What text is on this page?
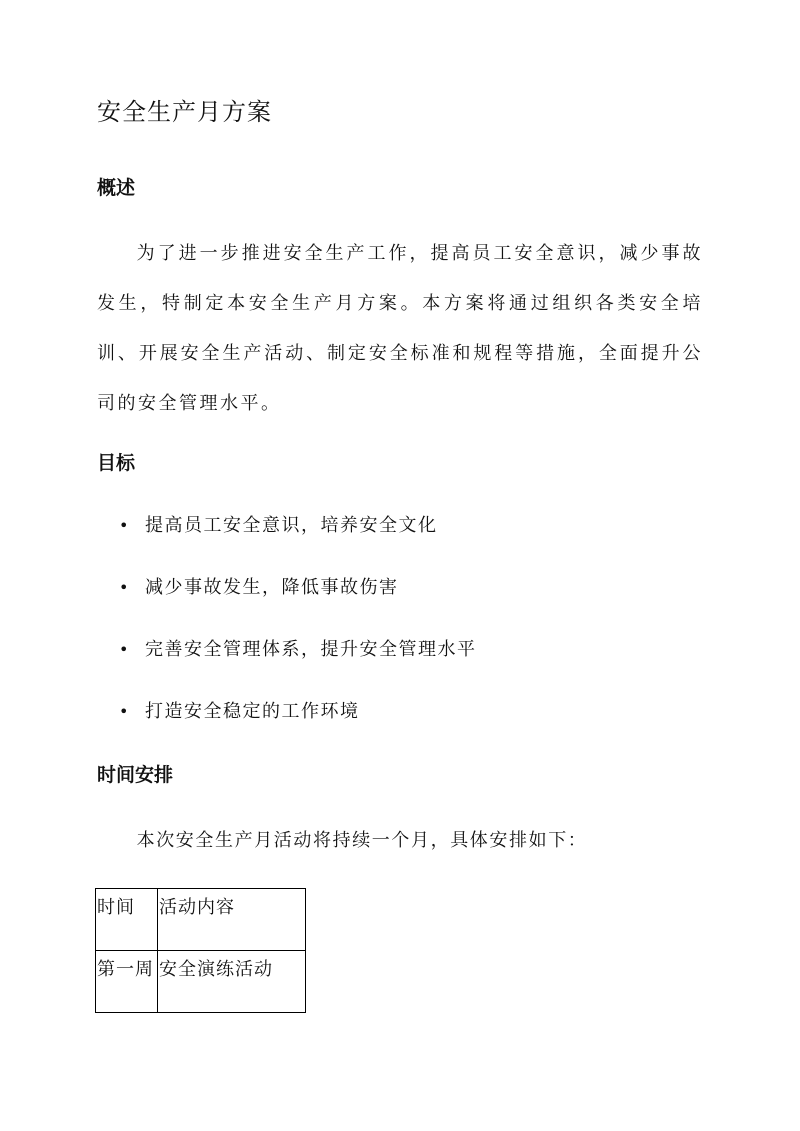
安全生产月方案
概述

为了进一步推进安全生产工作，提高员工安全意识，减少事故发生，特制定本安全生产月方案。本方案将通过组织各类安全培训、开展安全生产活动、制定安全标准和规程等措施，全面提升公司的安全管理水平。

目标
• 提高员工安全意识，培养安全文化
• 减少事故发生，降低事故伤害
• 完善安全管理体系，提升安全管理水平
• 打造安全稳定的工作环境
时间安排

本次安全生产月活动将持续一个月，具体安排如下：

时间	活动内容
第一周	安全演练活动
